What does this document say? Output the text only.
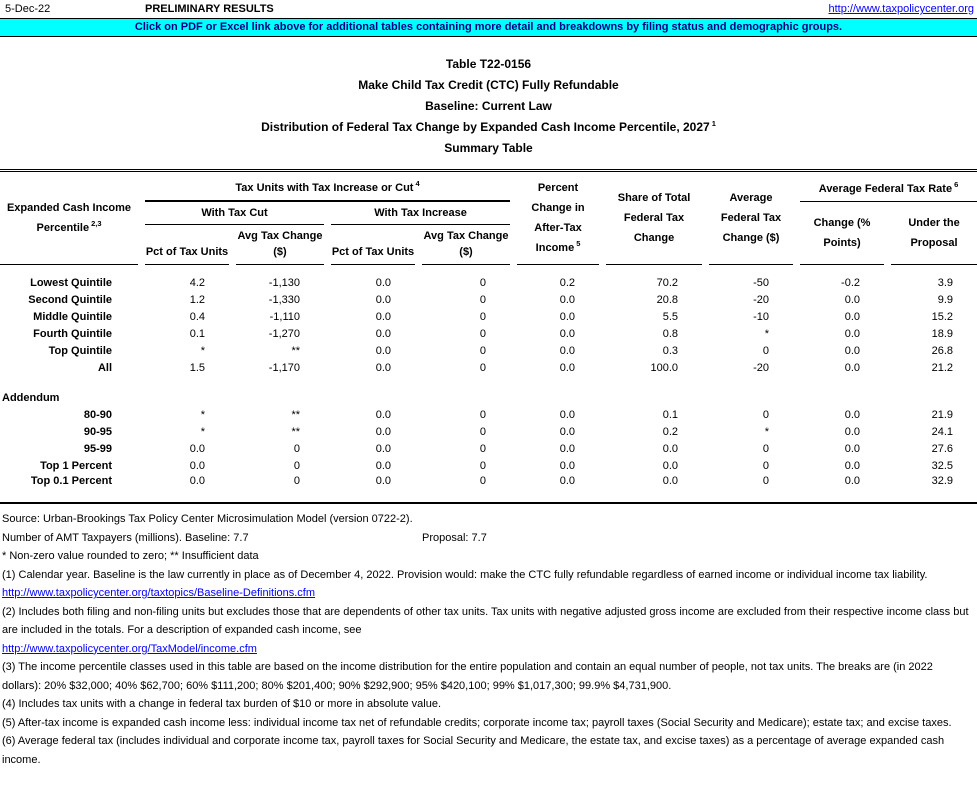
5-Dec-22	PRELIMINARY RESULTS	http://www.taxpolicycenter.org
Click on PDF or Excel link above for additional tables containing more detail and breakdowns by filing status and demographic groups.
Table T22-0156
Make Child Tax Credit (CTC) Fully Refundable
Baseline: Current Law
Distribution of Federal Tax Change by Expanded Cash Income Percentile, 2027 $^1$
Summary Table
Expanded Cash Income Percentile $^{2,3}$	Tax Units with Tax Increase or Cut $^4$				Percent Change in After-Tax Income $^5$	Share of Total Federal Tax Change	Average Federal Tax Change ($)	Average Federal Tax Rate $^6$
	With Tax Cut		With Tax Increase					Change (% Points)	Under the Proposal
	Pct of Tax Units	Avg Tax Change ($)	Pct of Tax Units	Avg Tax Change ($)					
Lowest Quintile	4.2	-1,130	0.0	0	0.2	70.2	-50	-0.2	3.9
Second Quintile	1.2	-1,330	0.0	0	0.0	20.8	-20	0.0	9.9
Middle Quintile	0.4	-1,110	0.0	0	0.0	5.5	-10	0.0	15.2
Fourth Quintile	0.1	-1,270	0.0	0	0.0	0.8	*	0.0	18.9
Top Quintile	*	**	0.0	0	0.0	0.3	0	0.0	26.8
All	1.5	-1,170	0.0	0	0.0	100.0	-20	0.0	21.2
Addendum									
80-90	*	**	0.0	0	0.0	0.1	0	0.0	21.9
90-95	*	**	0.0	0	0.0	0.2	*	0.0	24.1
95-99	0.0	0	0.0	0	0.0	0.0	0	0.0	27.6
Top 1 Percent	0.0	0	0.0	0	0.0	0.0	0	0.0	32.5
Top 0.1 Percent	0.0	0	0.0	0	0.0	0.0	0	0.0	32.9
Source: Urban-Brookings Tax Policy Center Microsimulation Model (version 0722-2).
Number of AMT Taxpayers (millions). Baseline: 7.7	Proposal: 7.7
* Non-zero value rounded to zero; ** Insufficient data
(1) Calendar year. Baseline is the law currently in place as of December 4, 2022. Provision would: make the CTC fully refundable regardless of earned income or individual income tax liability.
http://www.taxpolicycenter.org/taxtopics/Baseline-Definitions.cfm
(2) Includes both filing and non-filing units but excludes those that are dependents of other tax units. Tax units with negative adjusted gross income are excluded from their respective income class but are included in the totals. For a description of expanded cash income, see
http://www.taxpolicycenter.org/TaxModel/income.cfm
(3) The income percentile classes used in this table are based on the income distribution for the entire population and contain an equal number of people, not tax units. The breaks are (in 2022 dollars): 20% $32,000; 40% $62,700; 60% $111,200; 80% $201,400; 90% $292,900; 95% $420,100; 99% $1,017,300; 99.9% $4,731,900.
(4) Includes tax units with a change in federal tax burden of $10 or more in absolute value.
(5) After-tax income is expanded cash income less: individual income tax net of refundable credits; corporate income tax; payroll taxes (Social Security and Medicare); estate tax; and excise taxes.
(6) Average federal tax (includes individual and corporate income tax, payroll taxes for Social Security and Medicare, the estate tax, and excise taxes) as a percentage of average expanded cash income.
